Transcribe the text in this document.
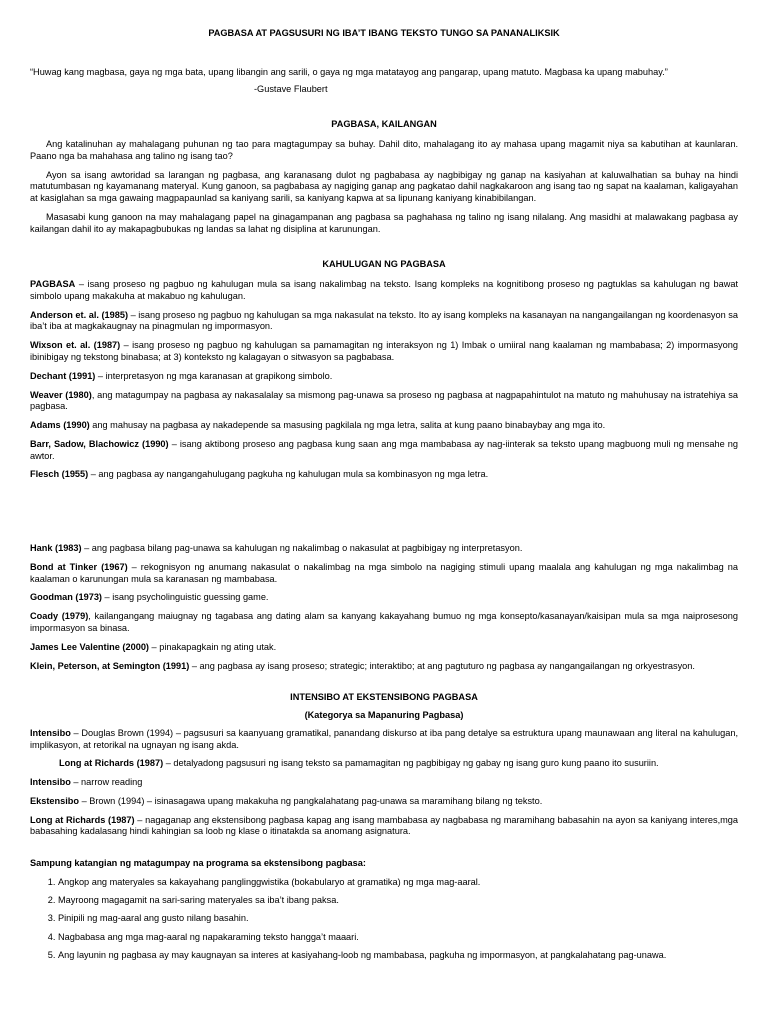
PAGBASA AT PAGSUSURI NG IBA’T IBANG TEKSTO TUNGO SA PANANALIKSIK

“Huwag kang magbasa, gaya ng mga bata, upang libangin ang sarili, o gaya ng mga matatayog ang pangarap, upang matuto. Magbasa ka upang mabuhay.”

-Gustave Flaubert

PAGBASA, KAILANGAN

Ang katalinuhan ay mahalagang puhunan ng tao para magtagumpay sa buhay. Dahil dito, mahalagang ito ay mahasa upang magamit niya sa kabutihan at kaunlaran. Paano nga ba mahahasa ang talino ng isang tao?

Ayon sa isang awtoridad sa larangan ng pagbasa, ang karanasang dulot ng pagbabasa ay nagbibigay ng ganap na kasiyahan at kaluwalhatian sa buhay na hindi matutumbasan ng kayamanang materyal. Kung ganoon, sa pagbabasa ay nagiging ganap ang pagkatao dahil nagkakaroon ang isang tao ng sapat na kaalaman, kaligayahan at kasiglahan sa mga gawaing magpapaunlad sa kaniyang sarili, sa kaniyang kapwa at sa lipunang kaniyang kinabibilangan.

Masasabi kung ganoon na may mahalagang papel na ginagampanan ang pagbasa sa paghahasa ng talino ng isang nilalang. Ang masidhi at malawakang pagbasa ay kailangan dahil ito ay makapagbubukas ng landas sa lahat ng disiplina at karunungan.

KAHULUGAN NG PAGBASA

PAGBASA – isang proseso ng pagbuo ng kahulugan mula sa isang nakalimbag na teksto. Isang kompleks na kognitibong proseso ng pagtuklas sa kahulugan ng bawat simbolo upang makakuha at makabuo ng kahulugan.

Anderson et. al. (1985) – isang proseso ng pagbuo ng kahulugan sa mga nakasulat na teksto. Ito ay isang kompleks na kasanayan na nangangailangan ng koordenasyon sa iba’t iba at magkakaugnay na pinagmulan ng impormasyon.

Wixson et. al. (1987) – isang proseso ng pagbuo ng kahulugan sa pamamagitan ng interaksyon ng 1) Imbak o umiiral nang kaalaman ng mambabasa; 2) impormasyong ibinibigay ng tekstong binabasa; at 3) konteksto ng kalagayan o sitwasyon sa pagbabasa.

Dechant (1991) – interpretasyon ng mga karanasan at grapikong simbolo.

Weaver (1980), ang matagumpay na pagbasa ay nakasalalay sa mismong pag-unawa sa proseso ng pagbasa at nagpapahintulot na matuto ng mahuhusay na istratehiya sa pagbasa.

Adams (1990) ang mahusay na pagbasa ay nakadepende sa masusing pagkilala ng mga letra, salita at kung paano binabaybay ang mga ito.

Barr, Sadow, Blachowicz (1990) – isang aktibong proseso ang pagbasa kung saan ang mga mambabasa ay nag-iinterak sa teksto upang magbuong muli ng mensahe ng awtor.

Flesch (1955) – ang pagbasa ay nangangahulugang pagkuha ng kahulugan mula sa kombinasyon ng mga letra.

Hank (1983) – ang pagbasa bilang pag-unawa sa kahulugan ng nakalimbag o nakasulat at pagbibigay ng interpretasyon.

Bond at Tinker (1967) – rekognisyon ng anumang nakasulat o nakalimbag na mga simbolo na nagiging stimuli upang maalala ang kahulugan ng mga nakalimbag na kaalaman o karunungan mula sa karanasan ng mambabasa.

Goodman (1973) – isang psycholinguistic guessing game.

Coady (1979), kailangangang maiugnay ng tagabasa ang dating alam sa kanyang kakayahang bumuo ng mga konsepto/kasanayan/kaisipan mula sa mga naiprosesong impormasyon sa binasa.

James Lee Valentine (2000) – pinakapagkain ng ating utak.

Klein, Peterson, at Semington (1991) – ang pagbasa ay isang proseso; strategic; interaktibo; at ang pagtuturo ng pagbasa ay nangangailangan ng orkyestrasyon.

INTENSIBO AT EKSTENSIBONG PAGBASA

(Kategorya sa Mapanuring Pagbasa)

Intensibo – Douglas Brown (1994) – pagsusuri sa kaanyuang gramatikal, panandang diskurso at iba pang detalye sa estruktura upang maunawaan ang literal na kahulugan, implikasyon, at retorikal na ugnayan ng isang akda.

Long at Richards (1987) – detalyadong pagsusuri ng isang teksto sa pamamagitan ng pagbibigay ng gabay ng isang guro kung paano ito susuriin.

Intensibo – narrow reading

Ekstensibo – Brown (1994) – isinasagawa upang makakuha ng pangkalahatang pag-unawa sa maramihang bilang ng teksto.

Long at Richards (1987) – nagaganap ang ekstensibong pagbasa kapag ang isang mambabasa ay nagbabasa ng maramihang babasahin na ayon sa kaniyang interes,mga babasahing kadalasang hindi kahingian sa loob ng klase o itinatakda sa anomang asignatura.

Sampung katangian ng matagumpay na programa sa ekstensibong pagbasa:

1. Angkop ang materyales sa kakayahang panglinggwistika (bokabularyo at gramatika) ng mga mag-aaral.
2. Mayroong magagamit na sari-saring materyales sa iba’t ibang paksa.
3. Pinipili ng mag-aaral ang gusto nilang basahin.
4. Nagbabasa ang mga mag-aaral ng napakaraming teksto hangga’t maaari.
5. Ang layunin ng pagbasa ay may kaugnayan sa interes at kasiyahang-loob ng mambabasa, pagkuha ng impormasyon, at pangkalahatang pag-unawa.
